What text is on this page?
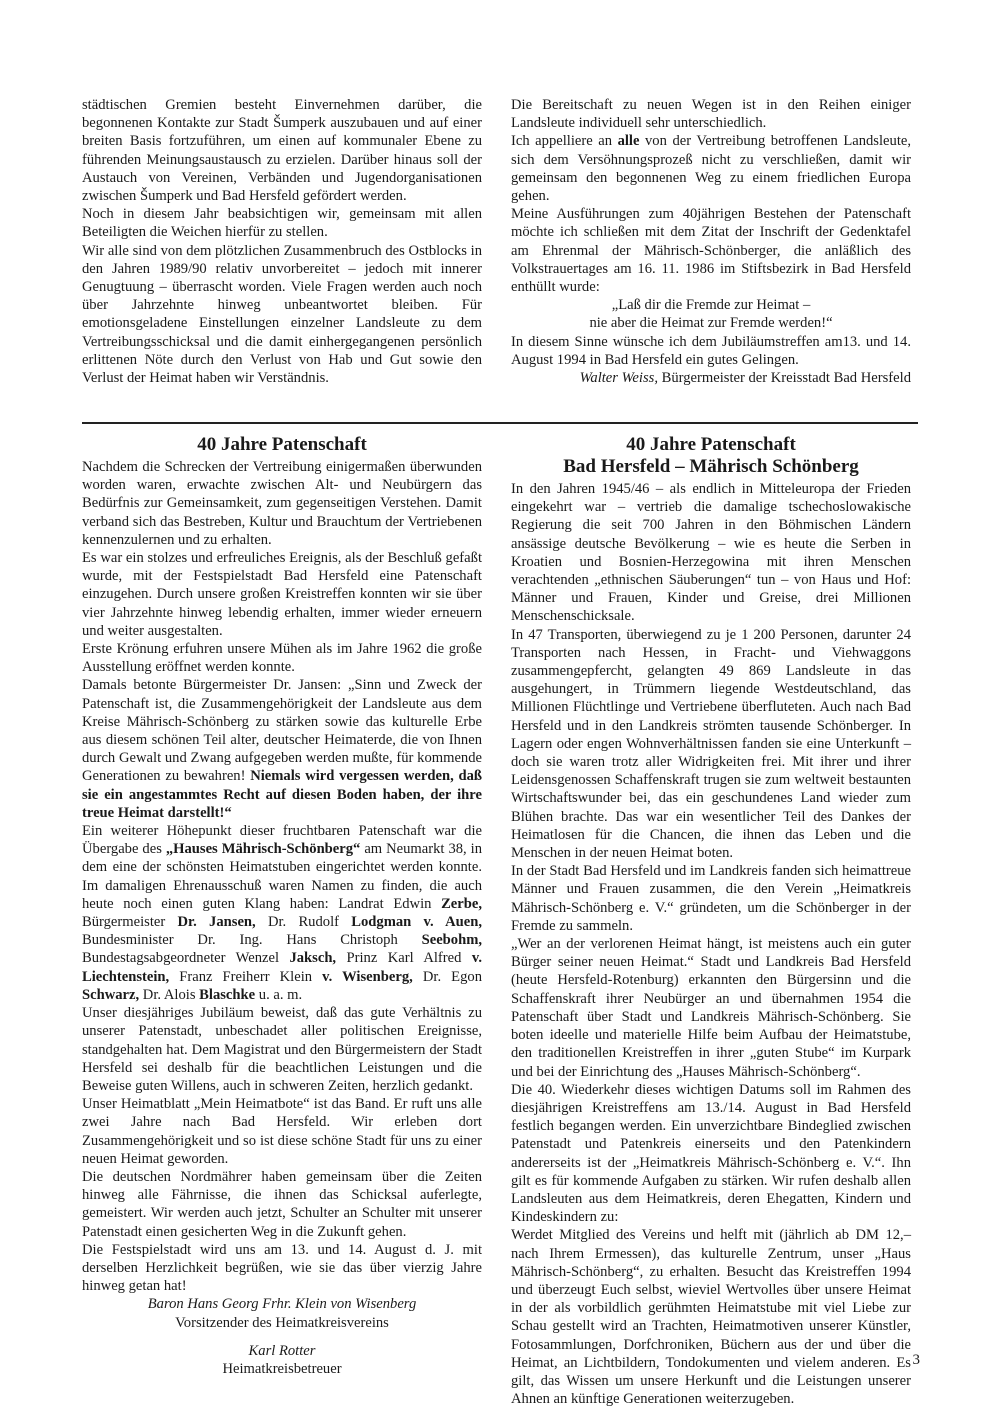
städtischen Gremien besteht Einvernehmen darüber, die begonnenen Kontakte zur Stadt Šumperk auszubauen und auf einer breiten Basis fortzuführen, um einen auf kommunaler Ebene zu führenden Meinungsaustausch zu erzielen. Darüber hinaus soll der Austauch von Vereinen, Verbänden und Jugendorganisationen zwischen Šumperk und Bad Hersfeld gefördert werden.

Noch in diesem Jahr beabsichtigen wir, gemeinsam mit allen Beteiligten die Weichen hierfür zu stellen.

Wir alle sind von dem plötzlichen Zusammenbruch des Ostblocks in den Jahren 1989/90 relativ unvorbereitet – jedoch mit innerer Genugtuung – überrascht worden. Viele Fragen werden auch noch über Jahrzehnte hinweg unbeantwortet bleiben. Für emotionsgeladene Einstellungen einzelner Landsleute zu dem Vertreibungsschicksal und die damit einhergegangenen persönlich erlittenen Nöte durch den Verlust von Hab und Gut sowie den Verlust der Heimat haben wir Verständnis.

Die Bereitschaft zu neuen Wegen ist in den Reihen einiger Landsleute individuell sehr unterschiedlich.

Ich appelliere an alle von der Vertreibung betroffenen Landsleute, sich dem Versöhnungsprozeß nicht zu verschließen, damit wir gemeinsam den begonnenen Weg zu einem friedlichen Europa gehen.

Meine Ausführungen zum 40jährigen Bestehen der Patenschaft möchte ich schließen mit dem Zitat der Inschrift der Gedenktafel am Ehrenmal der Mährisch-Schönberger, die anläßlich des Volkstrauertages am 16. 11. 1986 im Stiftsbezirk in Bad Hersfeld enthüllt wurde:

„Laß dir die Fremde zur Heimat –

nie aber die Heimat zur Fremde werden!“

In diesem Sinne wünsche ich dem Jubiläumstreffen am13. und 14. August 1994 in Bad Hersfeld ein gutes Gelingen.

Walter Weiss, Bürgermeister der Kreisstadt Bad Hersfeld

40 Jahre Patenschaft

Nachdem die Schrecken der Vertreibung einigermaßen überwunden worden waren, erwachte zwischen Alt- und Neubürgern das Bedürfnis zur Gemeinsamkeit, zum gegenseitigen Verstehen. Damit verband sich das Bestreben, Kultur und Brauchtum der Vertriebenen kennenzulernen und zu erhalten.

Es war ein stolzes und erfreuliches Ereignis, als der Beschluß gefaßt wurde, mit der Festspielstadt Bad Hersfeld eine Patenschaft einzugehen. Durch unsere großen Kreistreffen konnten wir sie über vier Jahrzehnte hinweg lebendig erhalten, immer wieder erneuern und weiter ausgestalten.

Erste Krönung erfuhren unsere Mühen als im Jahre 1962 die große Ausstellung eröffnet werden konnte.

Damals betonte Bürgermeister Dr. Jansen: „Sinn und Zweck der Patenschaft ist, die Zusammengehörigkeit der Landsleute aus dem Kreise Mährisch-Schönberg zu stärken sowie das kulturelle Erbe aus diesem schönen Teil alter, deutscher Heimaterde, die von Ihnen durch Gewalt und Zwang aufgegeben werden mußte, für kommende Generationen zu bewahren! Niemals wird vergessen werden, daß sie ein angestammtes Recht auf diesen Boden haben, der ihre treue Heimat darstellt!“

Ein weiterer Höhepunkt dieser fruchtbaren Patenschaft war die Übergabe des „Hauses Mährisch-Schönberg“ am Neumarkt 38, in dem eine der schönsten Heimatstuben eingerichtet werden konnte. Im damaligen Ehrenausschuß waren Namen zu finden, die auch heute noch einen guten Klang haben: Landrat Edwin Zerbe, Bürgermeister Dr. Jansen, Dr. Rudolf Lodgman v. Auen, Bundesminister Dr. Ing. Hans Christoph Seebohm, Bundestagsabgeordneter Wenzel Jaksch, Prinz Karl Alfred v. Liechtenstein, Franz Freiherr Klein v. Wisenberg, Dr. Egon Schwarz, Dr. Alois Blaschke u. a. m.

Unser diesjähriges Jubiläum beweist, daß das gute Verhältnis zu unserer Patenstadt, unbeschadet aller politischen Ereignisse, standgehalten hat. Dem Magistrat und den Bürgermeistern der Stadt Hersfeld sei deshalb für die beachtlichen Leistungen und die Beweise guten Willens, auch in schweren Zeiten, herzlich gedankt.

Unser Heimatblatt „Mein Heimatbote“ ist das Band. Er ruft uns alle zwei Jahre nach Bad Hersfeld. Wir erleben dort Zusammengehörigkeit und so ist diese schöne Stadt für uns zu einer neuen Heimat geworden.

Die deutschen Nordmährer haben gemeinsam über die Zeiten hinweg alle Fährnisse, die ihnen das Schicksal auferlegte, gemeistert. Wir werden auch jetzt, Schulter an Schulter mit unserer Patenstadt einen gesicherten Weg in die Zukunft gehen.

Die Festspielstadt wird uns am 13. und 14. August d. J. mit derselben Herzlichkeit begrüßen, wie sie das über vierzig Jahre hinweg getan hat!

Baron Hans Georg Frhr. Klein von Wisenberg

Vorsitzender des Heimatkreisvereins

Karl Rotter

Heimatkreisbetreuer

40 Jahre Patenschaft
Bad Hersfeld – Mährisch Schönberg

In den Jahren 1945/46 – als endlich in Mitteleuropa der Frieden eingekehrt war – vertrieb die damalige tschechoslowakische Regierung die seit 700 Jahren in den Böhmischen Ländern ansässige deutsche Bevölkerung – wie es heute die Serben in Kroatien und Bosnien-Herzegowina mit ihren Menschen verachtenden „ethnischen Säuberungen“ tun – von Haus und Hof: Männer und Frauen, Kinder und Greise, drei Millionen Menschenschicksale.

In 47 Transporten, überwiegend zu je 1 200 Personen, darunter 24 Transporten nach Hessen, in Fracht- und Viehwaggons zusammengepfercht, gelangten 49 869 Landsleute in das ausgehungert, in Trümmern liegende Westdeutschland, das Millionen Flüchtlinge und Vertriebene überfluteten. Auch nach Bad Hersfeld und in den Landkreis strömten tausende Schönberger. In Lagern oder engen Wohnverhältnissen fanden sie eine Unterkunft – doch sie waren trotz aller Widrigkeiten frei. Mit ihrer und ihrer Leidensgenossen Schaffenskraft trugen sie zum weltweit bestaunten Wirtschaftswunder bei, das ein geschundenes Land wieder zum Blühen brachte. Das war ein wesentlicher Teil des Dankes der Heimatlosen für die Chancen, die ihnen das Leben und die Menschen in der neuen Heimat boten.

In der Stadt Bad Hersfeld und im Landkreis fanden sich heimattreue Männer und Frauen zusammen, die den Verein „Heimatkreis Mährisch-Schönberg e. V.“ gründeten, um die Schönberger in der Fremde zu sammeln.

„Wer an der verlorenen Heimat hängt, ist meistens auch ein guter Bürger seiner neuen Heimat.“ Stadt und Landkreis Bad Hersfeld (heute Hersfeld-Rotenburg) erkannten den Bürgersinn und die Schaffenskraft ihrer Neubürger an und übernahmen 1954 die Patenschaft über Stadt und Landkreis Mährisch-Schönberg. Sie boten ideelle und materielle Hilfe beim Aufbau der Heimatstube, den traditionellen Kreistreffen in ihrer „guten Stube“ im Kurpark und bei der Einrichtung des „Hauses Mährisch-Schönberg“.

Die 40. Wiederkehr dieses wichtigen Datums soll im Rahmen des diesjährigen Kreistreffens am 13./14. August in Bad Hersfeld festlich begangen werden. Ein unverzichtbare Bindeglied zwischen Patenstadt und Patenkreis einerseits und den Patenkindern andererseits ist der „Heimatkreis Mährisch-Schönberg e. V.“. Ihn gilt es für kommende Aufgaben zu stärken. Wir rufen deshalb allen Landsleuten aus dem Heimatkreis, deren Ehegatten, Kindern und Kindeskindern zu:

Werdet Mitglied des Vereins und helft mit (jährlich ab DM 12,– nach Ihrem Ermessen), das kulturelle Zentrum, unser „Haus Mährisch-Schönberg“, zu erhalten. Besucht das Kreistreffen 1994 und überzeugt Euch selbst, wieviel Wertvolles über unsere Heimat in der als vorbildlich gerühmten Heimatstube mit viel Liebe zur Schau gestellt wird an Trachten, Heimatmotiven unserer Künstler, Fotosammlungen, Dorfchroniken, Büchern aus der und über die Heimat, an Lichtbildern, Tondokumenten und vielem anderen. Es gilt, das Wissen um unsere Herkunft und die Leistungen unserer Ahnen an künftige Generationen weiterzugeben.

3
